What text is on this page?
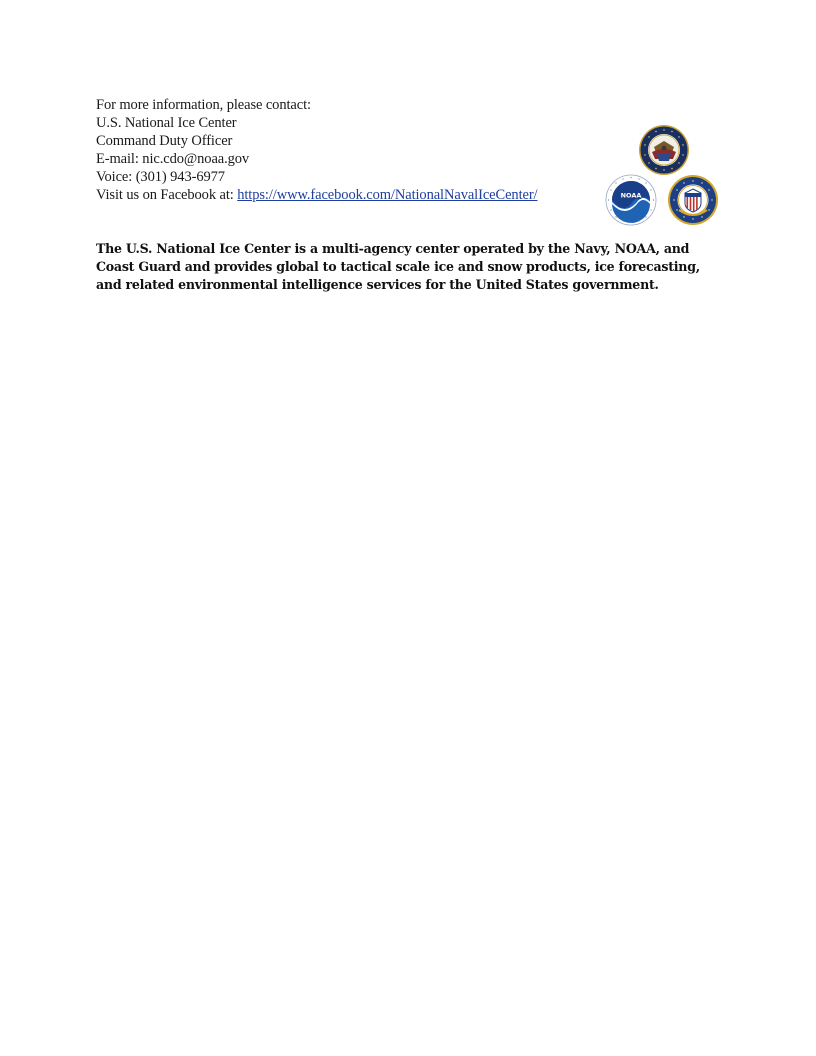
For more information, please contact:
U.S. National Ice Center
Command Duty Officer
E-mail: nic.cdo@noaa.gov
Voice: (301) 943-6977
Visit us on Facebook at: https://www.facebook.com/NationalNavalIceCenter/	NOAA
The U.S. National Ice Center is a multi-agency center operated by the Navy, NOAA, and Coast Guard and provides global to tactical scale ice and snow products, ice forecasting, and related environmental intelligence services for the United States government.
